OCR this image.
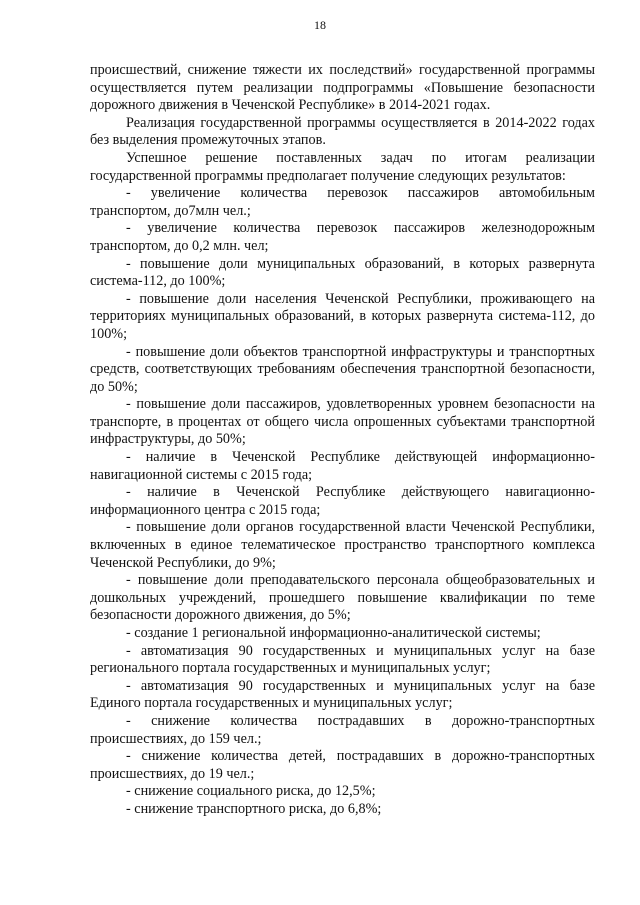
18

происшествий, снижение тяжести их последствий» государственной программы осуществляется путем реализации подпрограммы «Повышение безопасности дорожного движения в Чеченской Республике» в 2014-2021 годах.

Реализация государственной программы осуществляется в 2014-2022 годах без выделения промежуточных этапов.

Успешное решение поставленных задач по итогам реализации государственной программы предполагает получение следующих результатов:

- увеличение количества перевозок пассажиров автомобильным транспортом, до7млн чел.;

- увеличение количества перевозок пассажиров железнодорожным транспортом, до 0,2 млн. чел;

- повышение доли муниципальных образований, в которых развернута система-112, до 100%;

- повышение доли населения Чеченской Республики, проживающего на территориях муниципальных образований, в которых развернута система-112, до 100%;

- повышение доли объектов транспортной инфраструктуры и транспортных средств, соответствующих требованиям обеспечения транспортной безопасности, до 50%;

- повышение доли пассажиров, удовлетворенных уровнем безопасности на транспорте, в процентах от общего числа опрошенных субъектами транспортной инфраструктуры, до 50%;

- наличие в Чеченской Республике действующей информационно-навигационной системы с 2015 года;

- наличие в Чеченской Республике действующего навигационно-информационного центра с 2015 года;

- повышение доли органов государственной власти Чеченской Республики, включенных в единое телематическое пространство транспортного комплекса Чеченской Республики, до 9%;

- повышение доли преподавательского персонала общеобразовательных и дошкольных учреждений, прошедшего повышение квалификации по теме безопасности дорожного движения, до 5%;

- создание 1 региональной информационно-аналитической системы;

- автоматизация 90 государственных и муниципальных услуг на базе регионального портала государственных и муниципальных услуг;

- автоматизация 90 государственных и муниципальных услуг на базе Единого портала государственных и муниципальных услуг;

- снижение количества пострадавших в дорожно-транспортных происшествиях, до 159 чел.;

- снижение количества детей, пострадавших в дорожно-транспортных происшествиях, до 19 чел.;

- снижение социального риска, до 12,5%;

- снижение транспортного риска, до 6,8%;
